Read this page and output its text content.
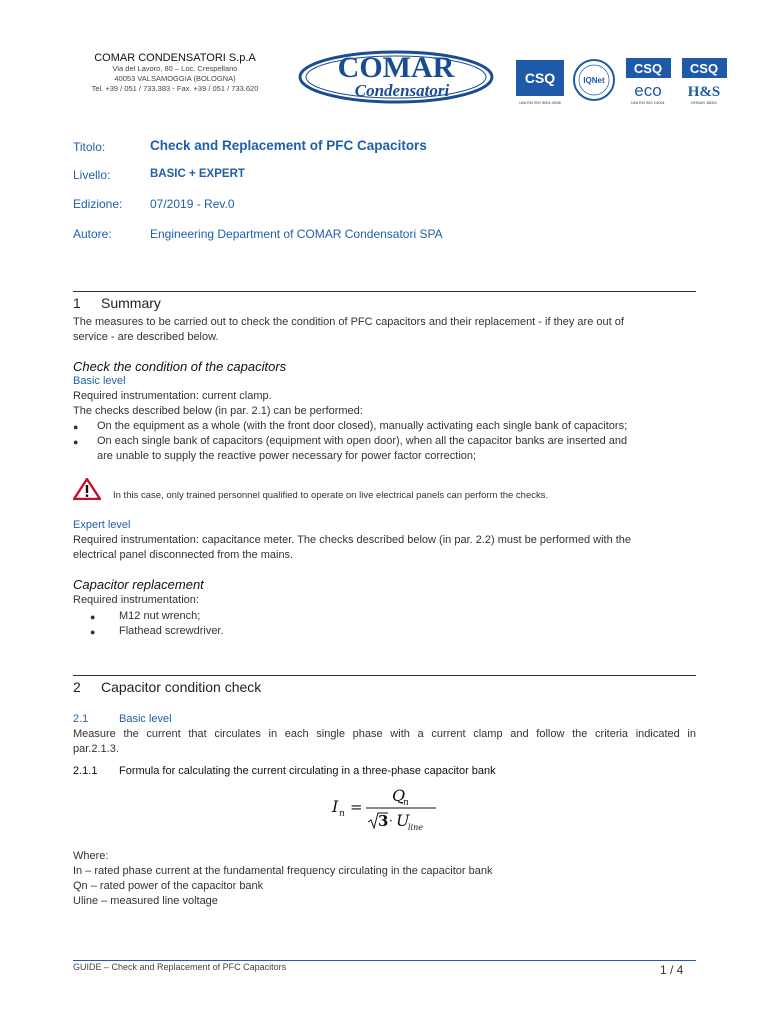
COMAR CONDENSATORI S.p.A
Via del Lavoro, 80 – Loc. Crespellano
40053 VALSAMOGGIA (BOLOGNA)
Tel. +39 / 051 / 733.383 - Fax. +39 / 051 / 733.620
COMAR
Condensatori
CSQ
UNI EN ISO 9001:2008
IQNet
CSQ
eco
UNI EN ISO 14001
CSQ
H&S
OHSAS 18001
Titolo:	Check and Replacement of PFC Capacitors
Livello:	BASIC + EXPERT
Edizione: 07/2019 - Rev.0
Autore:	Engineering Department of COMAR Condensatori SPA
1 Summary
The measures to be carried out to check the condition of PFC capacitors and their replacement - if they are out of
service - are described below.
Check the condition of the capacitors
Basic level
Required instrumentation: current clamp.
The checks described below (in par. 2.1) can be performed:
●	On the equipment as a whole (with the front door closed), manually activating each single bank of capacitors;
●	On each single bank of capacitors (equipment with open door), when all the capacitor banks are inserted and
are unable to supply the reactive power necessary for power factor correction;
In this case, only trained personnel qualified to operate on live electrical panels can perform the checks.
Expert level
Required instrumentation: capacitance meter. The checks described below (in par. 2.2) must be performed with the
electrical panel disconnected from the mains.
Capacitor replacement
Required instrumentation:
●	M12 nut wrench;
●	Flathead screwdriver.
2 Capacitor condition check
2.1	Basic level
Measure the current that circulates in each single phase with a current clamp and follow the criteria indicated in
par.2.1.3.
2.1.1 Formula for calculating the current circulating in a three-phase capacitor bank
I n =
Q
n
3 · U
line
Where:
In – rated phase current at the fundamental frequency circulating in the capacitor bank
Qn – rated power of the capacitor bank
Uline – measured line voltage
GUIDE – Check and Replacement of PFC Capacitors	1 / 4
